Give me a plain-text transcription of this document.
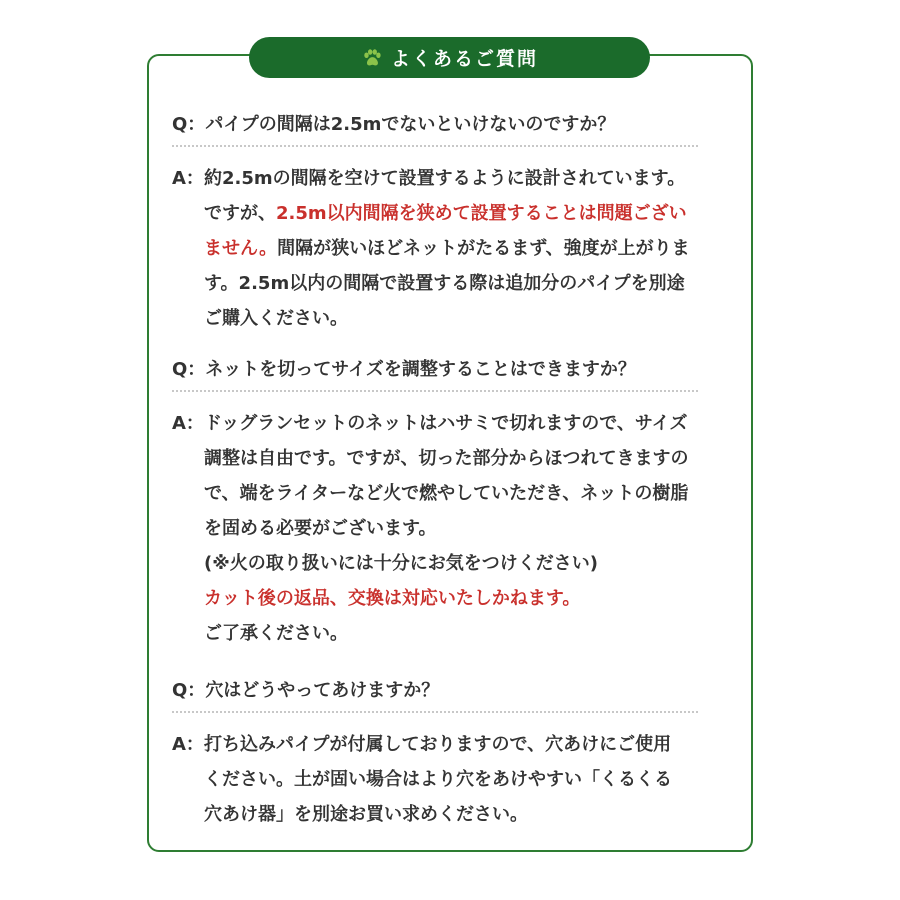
よくあるご質問
Q：パイプの間隔は2.5mでないといけないのですか？
A： 約2.5mの間隔を空けて設置するように設計されています。
ですが、2.5m以内間隔を狭めて設置することは問題ござい
ません。間隔が狭いほどネットがたるまず、強度が上がりま
す。2.5m以内の間隔で設置する際は追加分のパイプを別途
ご購入ください。
Q：ネットを切ってサイズを調整することはできますか？
A： ドッグランセットのネットはハサミで切れますので、サイズ
調整は自由です。ですが、切った部分からほつれてきますの
で、端をライターなど火で燃やしていただき、ネットの樹脂
を固める必要がございます。
(※火の取り扱いには十分にお気をつけください)
カット後の返品、交換は対応いたしかねます。
ご了承ください。
Q：穴はどうやってあけますか？
A： 打ち込みパイプが付属しておりますので、穴あけにご使用
ください。土が固い場合はより穴をあけやすい「くるくる
穴あけ器」を別途お買い求めください。
